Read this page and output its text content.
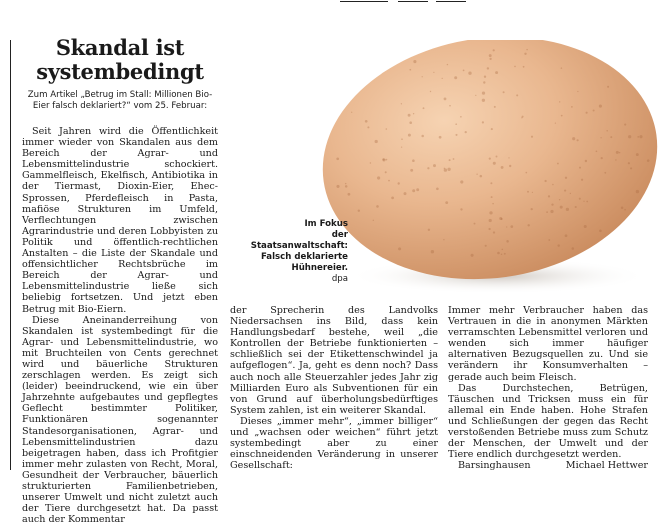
Skandal ist
systembedingt
Zum Artikel „Betrug im Stall: Millionen Bio-Eier falsch deklariert?“ vom 25. Februar:

Seit Jahren wird die Öffentlichkeit immer wieder von Skandalen aus dem Bereich der Agrar- und Lebensmittelindustrie schockiert. Gammelfleisch, Ekelfisch, Antibiotika in der Tiermast, Dioxin-Eier, Ehec-Sprossen, Pferdefleisch in Pasta, mafiöse Strukturen im Umfeld, Verflechtungen zwischen Agrarindustrie und deren Lobbyisten zu Politik und öffentlich-rechtlichen Anstalten – die Liste der Skandale und offensichtlicher Rechtsbrüche im Bereich der Agrar- und Lebensmittelindustrie ließe sich beliebig fortsetzen. Und jetzt eben Betrug mit Bio-Eiern.

Diese Aneinanderreihung von Skandalen ist systembedingt für die Agrar- und Lebensmittelindustrie, wo mit Bruchteilen von Cents gerechnet wird und bäuerliche Strukturen zerschlagen werden. Es zeigt sich (leider) beeindruckend, wie ein über Jahrzehnte aufgebautes und gepflegtes Geflecht bestimmter Politiker, Funktionären sogenannter Standesorganisationen, Agrar- und Lebensmittelindustrien dazu beigetragen haben, dass ich Profitgier immer mehr zulasten von Recht, Moral, Gesundheit der Verbraucher, bäuerlich strukturierten Familienbetrieben, unserer Umwelt und nicht zuletzt auch der Tiere durchgesetzt hat. Da passt auch der Kommentar

Im Fokus
der Staatsanwaltschaft:
Falsch deklarierte
Hühnereier.
dpa

der Sprecherin des Landvolks Niedersachsen ins Bild, dass kein Handlungsbedarf bestehe, weil „die Kontrollen der Betriebe funktionierten – schließlich sei der Etikettenschwindel ja aufgeflogen“. Ja, geht es denn noch? Dass auch noch alle Steuerzahler jedes Jahr zig Milliarden Euro als Subventionen für ein von Grund auf überholungsbedürftiges System zahlen, ist ein weiterer Skandal.

Dieses „immer mehr“, „immer billiger“ und „wachsen oder weichen“ führt jetzt systembedingt aber zu einer einschneidenden Veränderung in unserer Gesellschaft:

Immer mehr Verbraucher haben das Vertrauen in die in anonymen Märkten verramschten Lebensmittel verloren und wenden sich immer häufiger alternativen Bezugsquellen zu. Und sie verändern ihr Konsumverhalten – gerade auch beim Fleisch.

Das Durchstechen, Betrügen, Täuschen und Tricksen muss ein für allemal ein Ende haben. Hohe Strafen und Schließungen der gegen das Recht verstoßenden Betriebe muss zum Schutz der Menschen, der Umwelt und der Tiere endlich durchgesetzt werden.

Barsinghausen	Michael Hettwer
